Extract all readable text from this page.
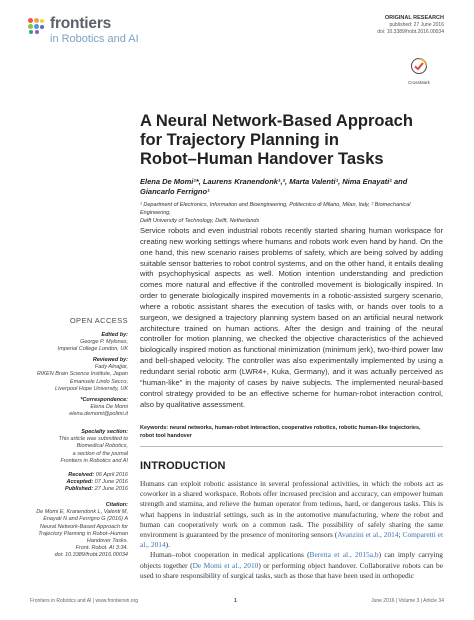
frontiers
in Robotics and AI
ORIGINAL RESEARCH
published: 27 June 2016
doi: 10.3389/frobt.2016.00034
CrossMark
OPEN ACCESS
Edited by:
George P. Mylonas,
Imperial College London, UK
Reviewed by:
Fady Alnajjar,
RIKEN Brain Science Institute, Japan
Emanuele Lindo Secco,
Liverpool Hope University, UK
*Correspondence:
Elena De Momi
elena.demomi@polimi.it
Specialty section:
This article was submitted to
Biomedical Robotics,
a section of the journal
Frontiers in Robotics and AI
Received: 06 April 2016
Accepted: 07 June 2016
Published: 27 June 2016
Citation:
De Momi E, Kranendonk L, Valenti M,
Enayati N and Ferrigno G (2016) A
Neural Network-Based Approach for
Trajectory Planning in Robot–Human
Handover Tasks.
Front. Robot. AI 3:34.
doi: 10.3389/frobt.2016.00034
A Neural Network-Based Approach
for Trajectory Planning in
Robot–Human Handover Tasks
Elena De Momi¹*, Laurens Kranendonk¹,², Marta Valenti¹, Nima Enayati¹ and
Giancarlo Ferrigno¹
¹ Department of Electronics, Information and Bioengineering, Politecnico di Milano, Milan, Italy, ² Biomechanical Engineering,
Delft University of Technology, Delft, Netherlands
Service robots and even industrial robots recently started sharing human workspace for creating new working settings where humans and robots work even hand by hand. On the one hand, this new scenario raises problems of safety, which are being solved by adding suitable sensor batteries to robot control systems, and on the other hand, it entails dealing with psychophysical aspects as well. Motion intention understanding and prediction comes more natural and effective if the controlled movement is biologically inspired. In order to generate biologically inspired movements in a robotic-assisted surgery scenario, where a robotic assistant shares the execution of tasks with, or hands over tools to a surgeon, we designed a trajectory planning system based on an artificial neural network architecture trained on human actions. After the design and training of the neural controller for motion planning, we checked the objective characteristics of the achieved biologically inspired motion as functional minimization (minimum jerk), two-third power law and bell-shaped velocity. The controller was also experimentally implemented by using a redundant serial robotic arm (LWR4+, Kuka, Germany), and it was actually perceived as “human-like” in the majority of cases by naive subjects. The implemented neural-based control strategy provided to be an effective scheme for human-robot interaction control, also by qualitative assessment.
Keywords: neural networks, human-robot interaction, cooperative robotics, robotic human-like trajectories,
robot tool handover
INTRODUCTION

Humans can exploit robotic assistance in several professional activities, in which the robots act as coworker in a shared workspace. Robots offer increased precision and accuracy, can empower human strength and stamina, and relieve the human operator from tedious, hard, or dangerous tasks. This is what happens in industrial settings, such as in the automotive manufacturing, where the robot and human can cooperatively work on a common task. The possibility of safely sharing the same environment is guaranteed by the presence of monitoring sensors (Avanzini et al., 2014; Comparetti et al., 2014).

Human–robot cooperation in medical applications (Beretta et al., 2015a,b) can imply carrying objects together (De Momi et al., 2010) or performing object handover. Collaborative robots can be used to share responsibility of surgical tasks, such as those that have been used in orthopedic

Frontiers in Robotics and AI | www.frontiersin.org	1	June 2016 | Volume 3 | Article 34
